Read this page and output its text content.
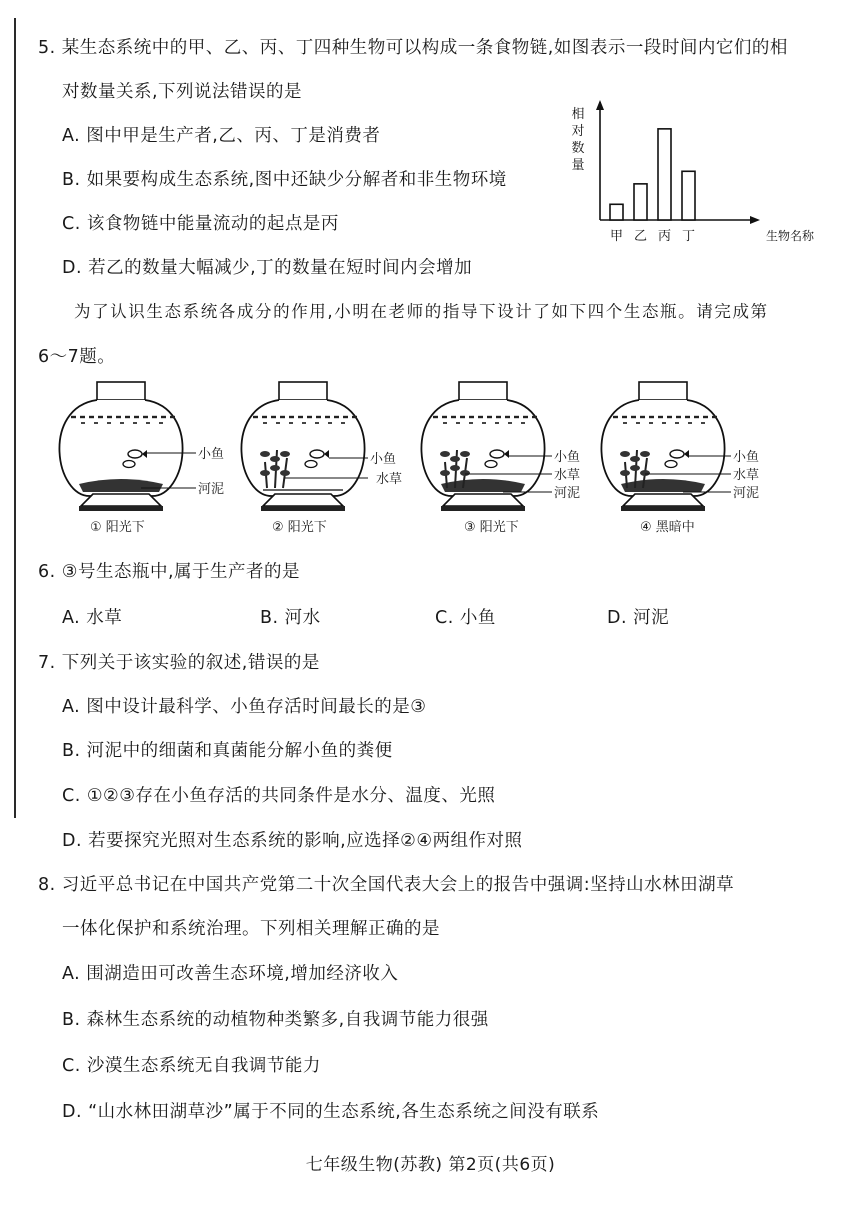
5. 某生态系统中的甲、乙、丙、丁四种生物可以构成一条食物链,如图表示一段时间内它们的相
对数量关系,下列说法错误的是
A. 图中甲是生产者,乙、丙、丁是消费者
B. 如果要构成生态系统,图中还缺少分解者和非生物环境
C. 该食物链中能量流动的起点是丙
D. 若乙的数量大幅减少,丁的数量在短时间内会增加
相
对
数
量
生物名称
甲 乙 丙 丁
为了认识生态系统各成分的作用,小明在老师的指导下设计了如下四个生态瓶。请完成第
6～7题。
① 阳光下	② 阳光下	③ 阳光下	④ 黑暗中
小鱼
河泥
小鱼
水草
小鱼
水草
河泥
小鱼
水草
河泥
6. ③号生态瓶中,属于生产者的是
A. 水草	B. 河水	C. 小鱼	D. 河泥
7. 下列关于该实验的叙述,错误的是
A. 图中设计最科学、小鱼存活时间最长的是③
B. 河泥中的细菌和真菌能分解小鱼的粪便
C. ①②③存在小鱼存活的共同条件是水分、温度、光照
D. 若要探究光照对生态系统的影响,应选择②④两组作对照
8. 习近平总书记在中国共产党第二十次全国代表大会上的报告中强调:坚持山水林田湖草
一体化保护和系统治理。下列相关理解正确的是
A. 围湖造田可改善生态环境,增加经济收入
B. 森林生态系统的动植物种类繁多,自我调节能力很强
C. 沙漠生态系统无自我调节能力
D. “山水林田湖草沙”属于不同的生态系统,各生态系统之间没有联系
七年级生物(苏教) 第2页(共6页)
